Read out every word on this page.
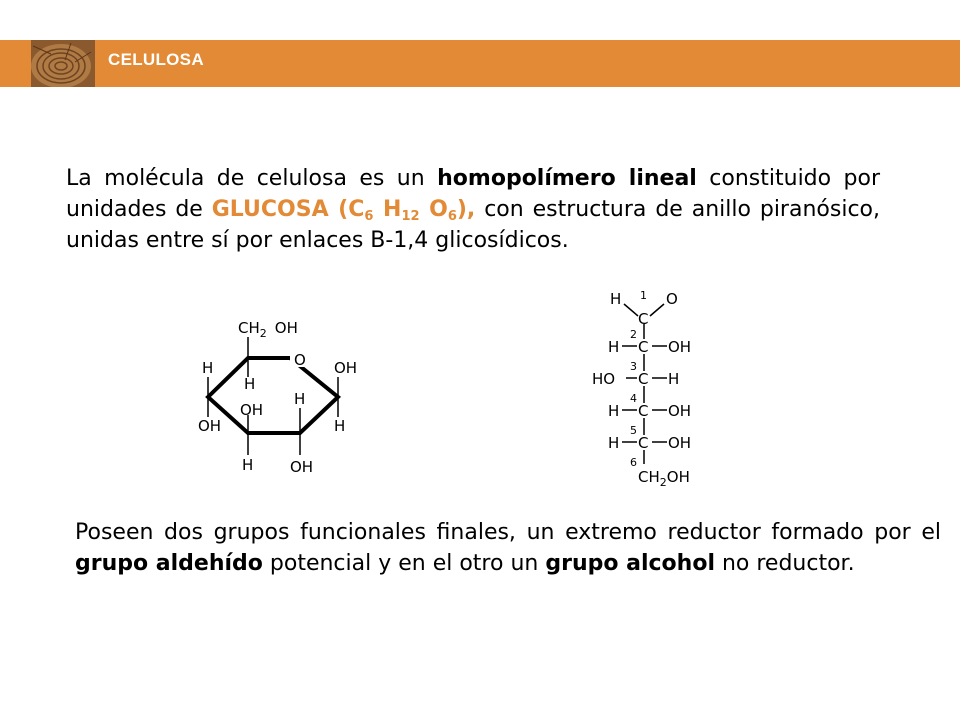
CELULOSA

La molécula de celulosa es un homopolímero lineal constituido por unidades de GLUCOSA ($C_6$ $H_{12}$ $O_6$), con estructura de anillo piranósico, unidas entre sí por enlaces B-1,4 glicosídicos.

$CH_2$ OH
O
H
H
OH
OH
H
H
OH
OH
H
H 1 O
C
2
H C OH
3
HO C H
4
H C OH
5
H C OH
6
$CH_2OH$

Poseen dos grupos funcionales finales, un extremo reductor formado por el grupo aldehído potencial y en el otro un grupo alcohol no reductor.
